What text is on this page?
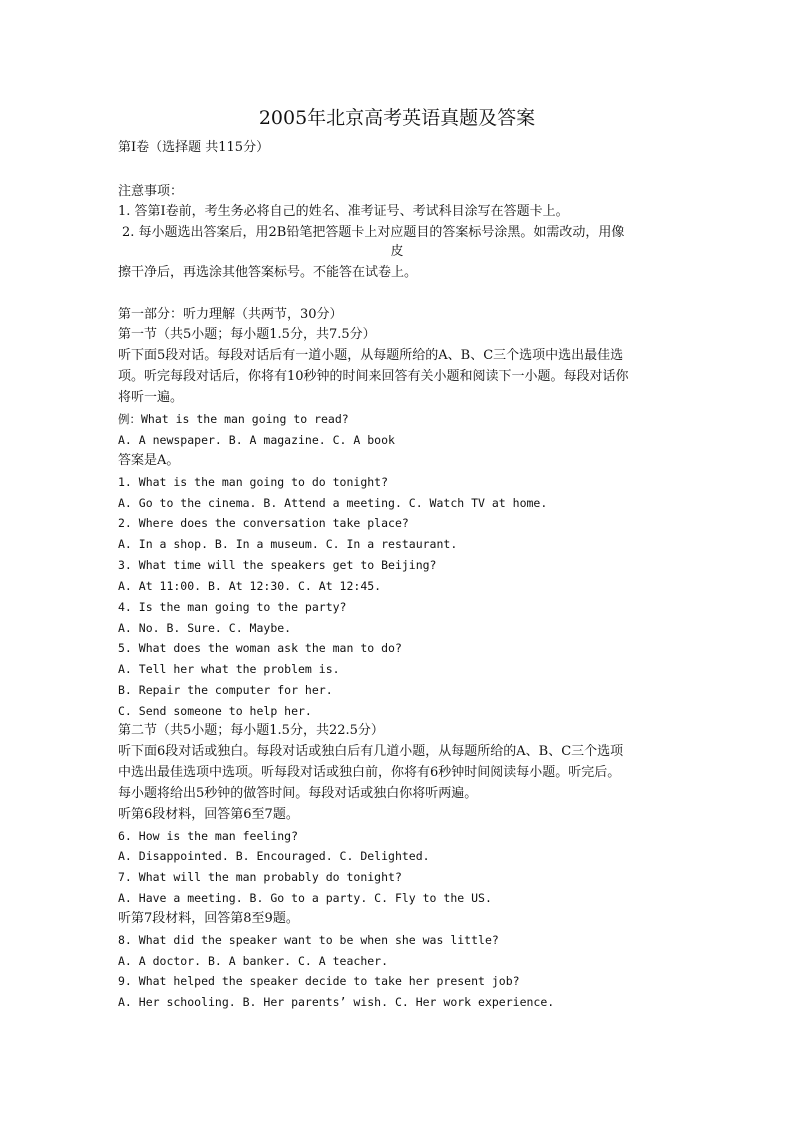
2005年北京高考英语真题及答案
第Ⅰ卷（选择题 共115分）
注意事项：
1. 答第Ⅰ卷前，考生务必将自己的姓名、准考证号、考试科目涂写在答题卡上。
2. 每小题选出答案后，用2B铅笔把答题卡上对应题目的答案标号涂黑。如需改动，用像
皮
擦干净后，再选涂其他答案标号。不能答在试卷上。
第一部分：听力理解（共两节，30分）
第一节（共5小题；每小题1.5分，共7.5分）
听下面5段对话。每段对话后有一道小题，从每题所给的A、B、C三个选项中选出最佳选
项。听完每段对话后，你将有10秒钟的时间来回答有关小题和阅读下一小题。每段对话你
将听一遍。
例：What is the man going to read?
A. A newspaper. B. A magazine. C. A book
答案是A。
1. What is the man going to do tonight?
A. Go to the cinema. B. Attend a meeting. C. Watch TV at home.
2. Where does the conversation take place?
A. In a shop. B. In a museum. C. In a restaurant.
3. What time will the speakers get to Beijing?
A. At 11:00. B. At 12:30. C. At 12:45.
4. Is the man going to the party?
A. No. B. Sure. C. Maybe.
5. What does the woman ask the man to do?
A. Tell her what the problem is.
B. Repair the computer for her.
C. Send someone to help her.
第二节（共5小题；每小题1.5分，共22.5分）
听下面6段对话或独白。每段对话或独白后有几道小题，从每题所给的A、B、C三个选项
中选出最佳选项中选项。听每段对话或独白前，你将有6秒钟时间阅读每小题。听完后。
每小题将给出5秒钟的做答时间。每段对话或独白你将听两遍。
听第6段材料，回答第6至7题。
6. How is the man feeling?
A. Disappointed. B. Encouraged. C. Delighted.
7. What will the man probably do tonight?
A. Have a meeting. B. Go to a party. C. Fly to the US.
听第7段材料，回答第8至9题。
8. What did the speaker want to be when she was little?
A. A doctor. B. A banker. C. A teacher.
9. What helped the speaker decide to take her present job?
A. Her schooling. B. Her parents’ wish. C. Her work experience.
